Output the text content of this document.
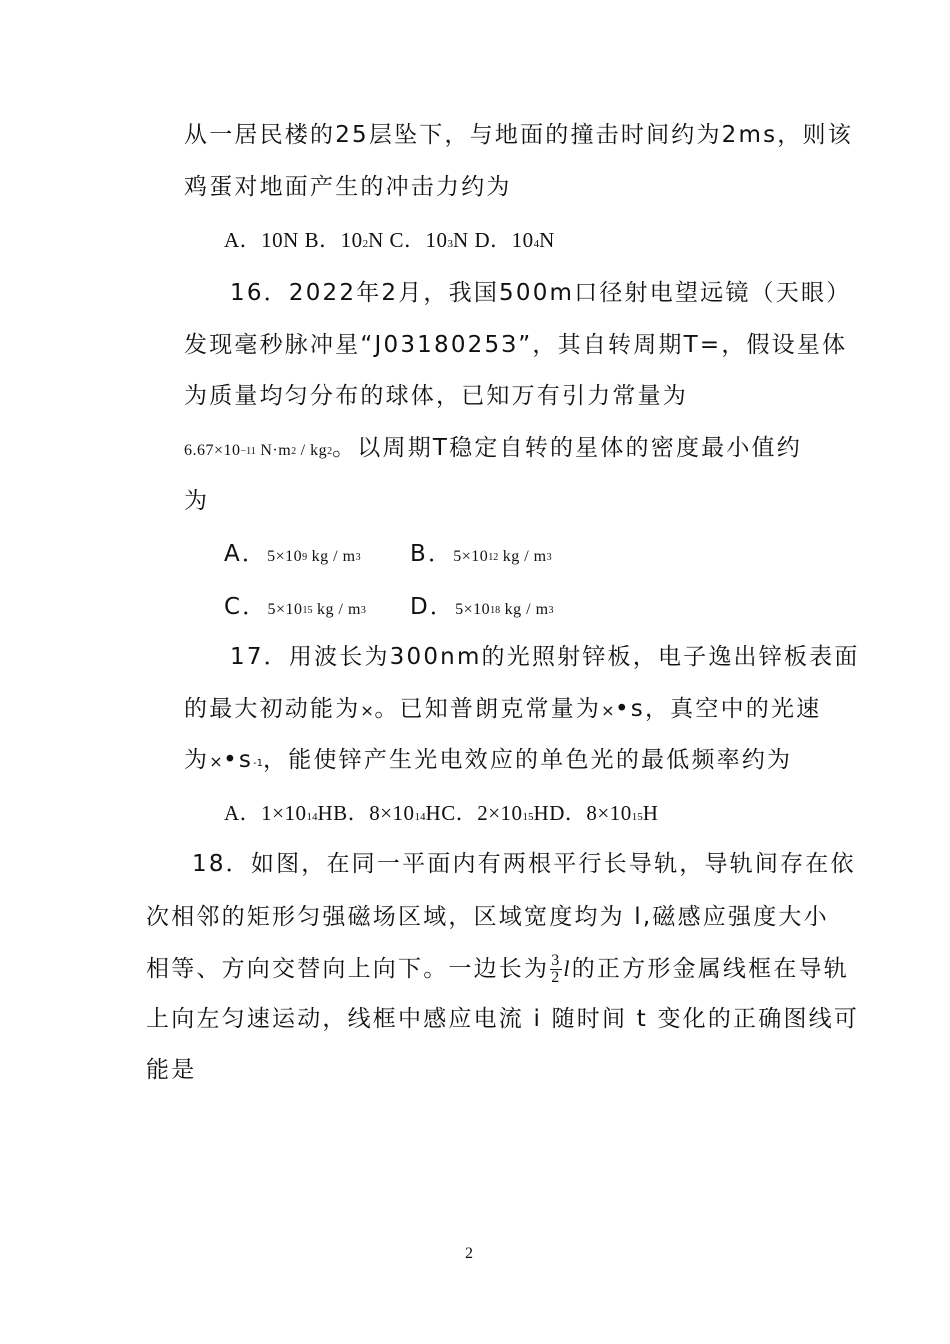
从一居民楼的25层坠下，与地面的撞击时间约为2ms，则该
鸡蛋对地面产生的冲击力约为
A．10N B．102N C．103N D．104N
16．2022年2月，我国500m口径射电望远镜（天眼）
发现毫秒脉冲星“J0318025З”，其自转周期T=，假设星体
为质量均匀分布的球体，已知万有引力常量为
6.67×10−11 N·m2 / kg2。以周期T稳定自转的星体的密度最小值约
为
A．5×109 kg / m3 B．5×1012 kg / m3
C．5×1015 kg / m3 D．5×1018 kg / m3
17．用波长为300nm的光照射锌板，电子逸出锌板表面
的最大初动能为×。已知普朗克常量为×•s，真空中的光速
为×•s-1，能使锌产生光电效应的单色光的最低频率约为
A．1×1014HB．8×1014HC．2×1015HD．8×1015H
18．如图，在同一平面内有两根平行长导轨，导轨间存在依
次相邻的矩形匀强磁场区域，区域宽度均为 l,磁感应强度大小
相等、方向交替向上向下。一边长为 $\frac{3}{2}$ l的正方形金属线框在导轨
上向左匀速运动，线框中感应电流 i 随时间 t 变化的正确图线可
能是
2
